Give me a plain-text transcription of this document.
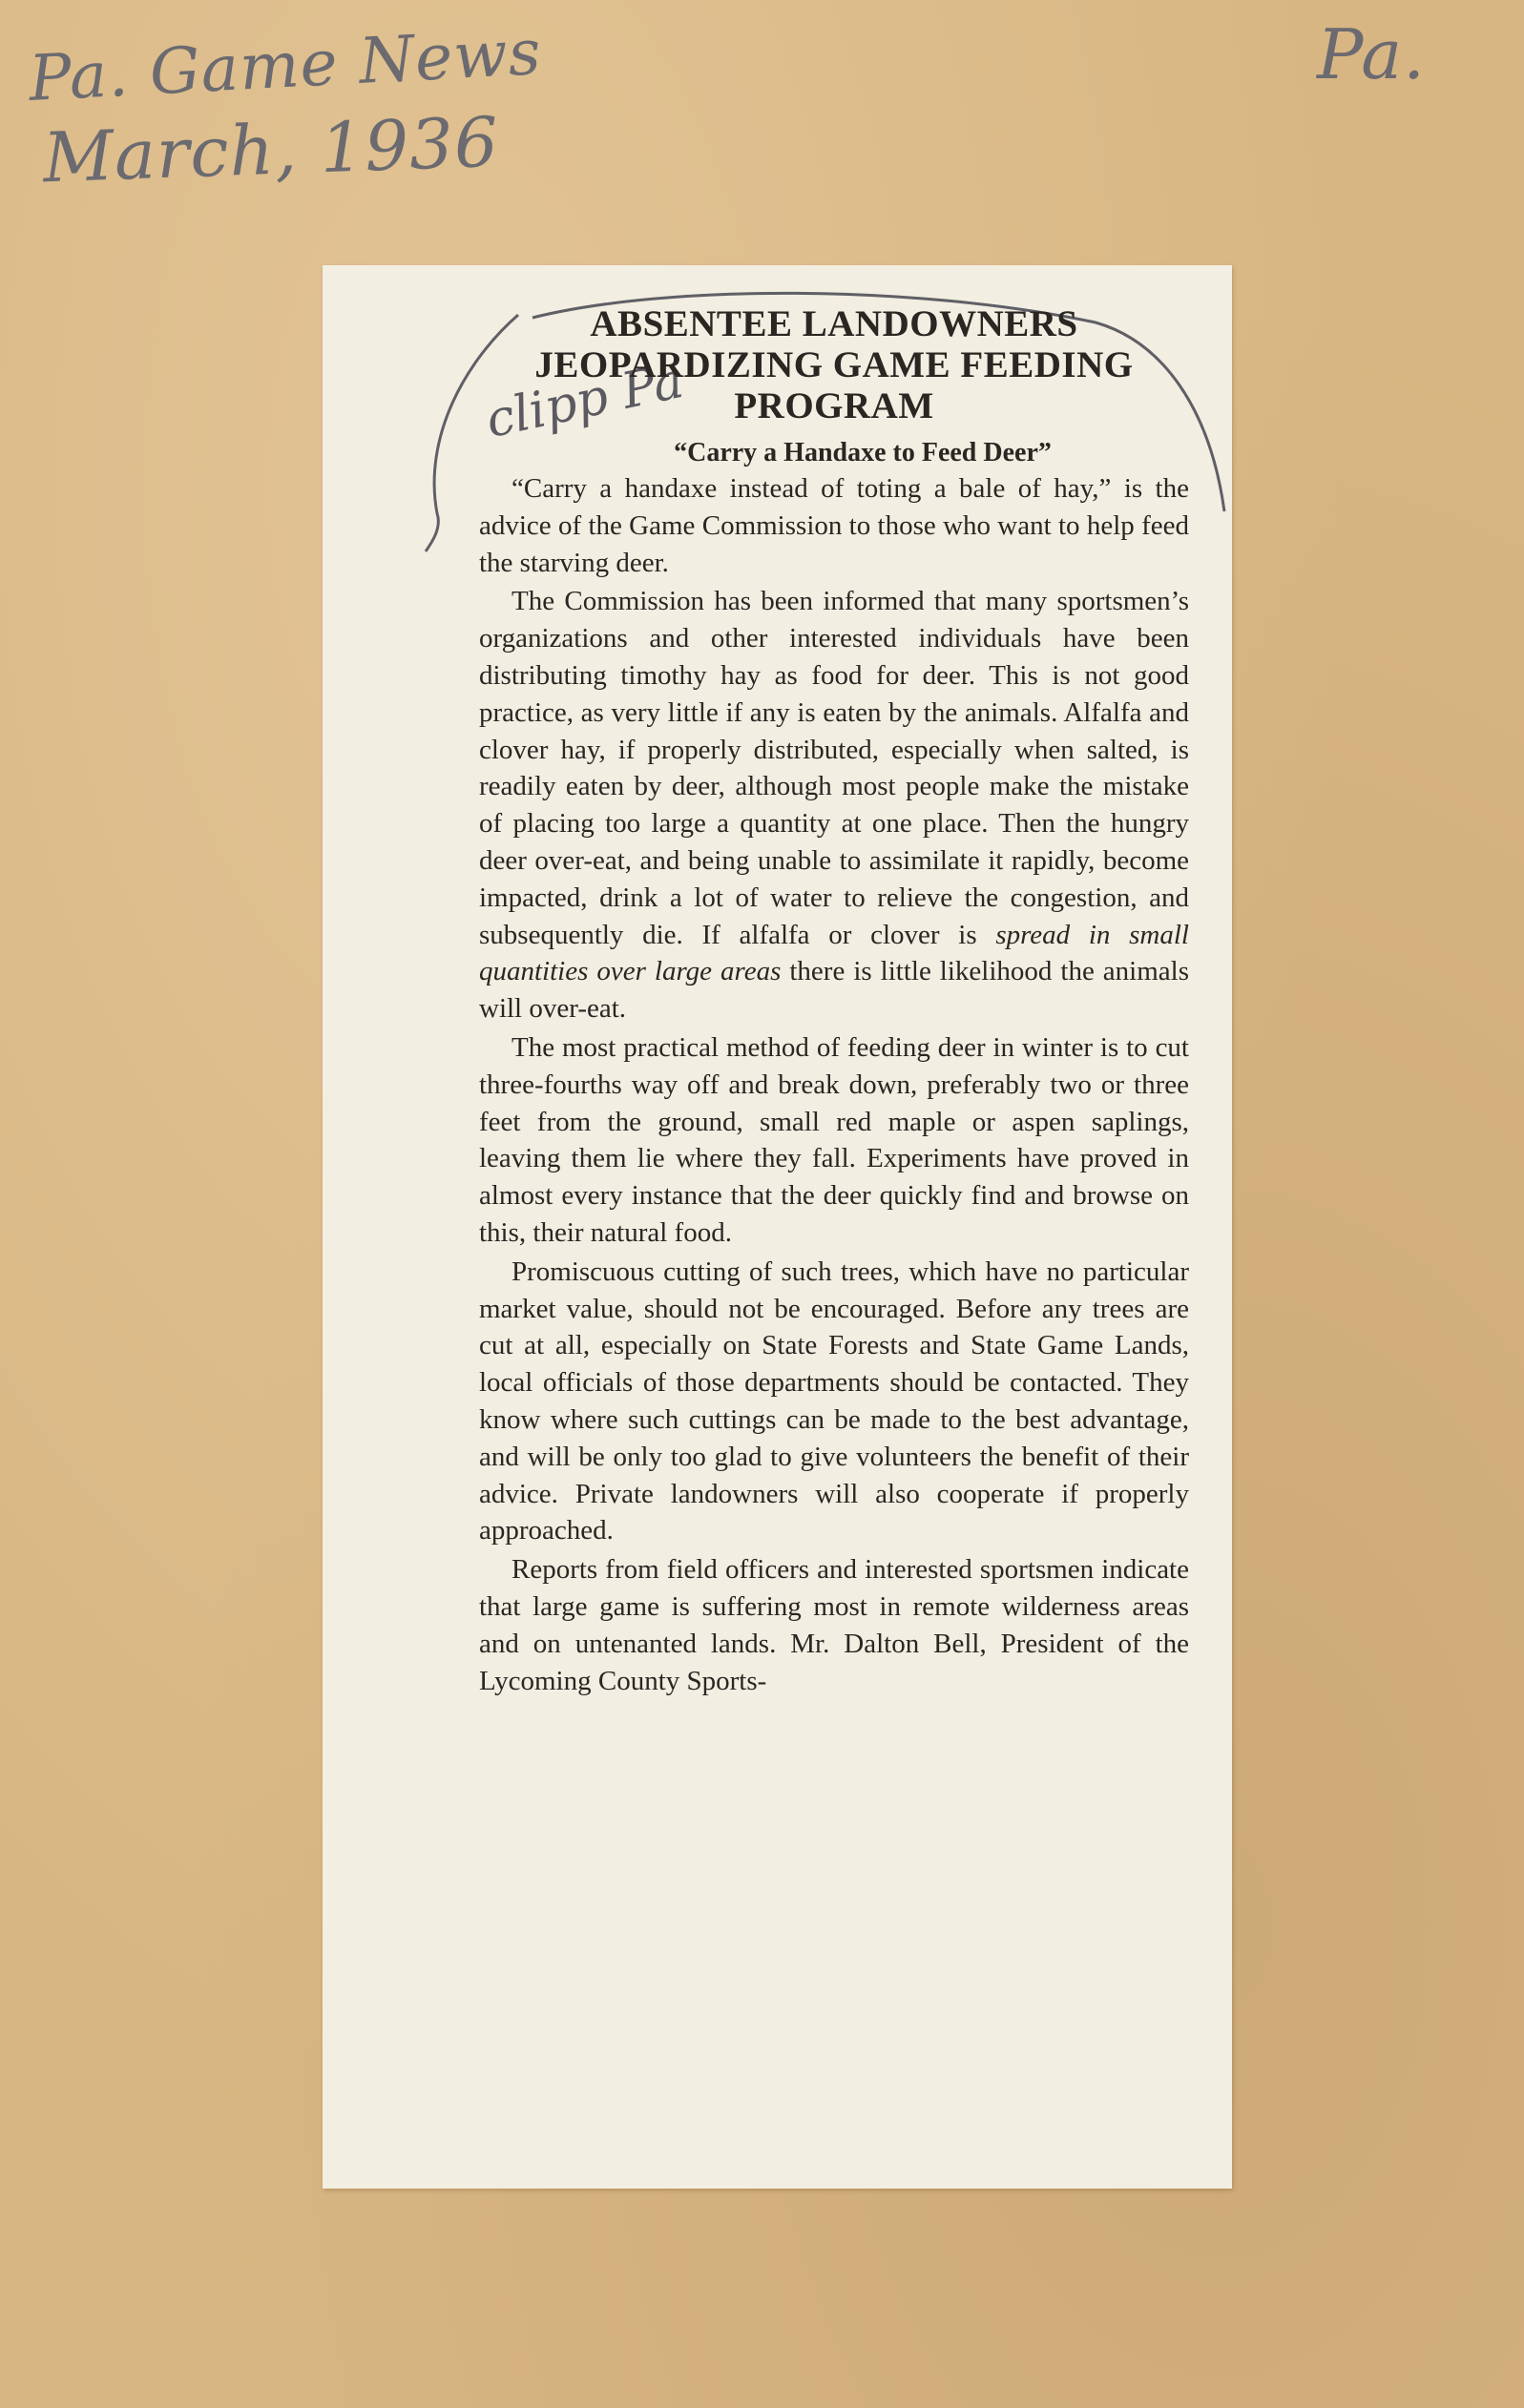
Pa. Game News
March, 1936
Pa.
clipp Pa
ABSENTEE LANDOWNERS
JEOPARDIZING GAME FEEDING
PROGRAM
“Carry a Handaxe to Feed Deer”

“Carry a handaxe instead of toting a bale of hay,” is the advice of the Game Commission to those who want to help feed the starving deer.

The Commission has been informed that many sportsmen’s organizations and other interested individuals have been distributing timothy hay as food for deer. This is not good practice, as very little if any is eaten by the animals. Alfalfa and clover hay, if properly distributed, especially when salted, is readily eaten by deer, although most people make the mistake of placing too large a quantity at one place. Then the hungry deer over-eat, and being unable to assimilate it rapidly, become impacted, drink a lot of water to relieve the congestion, and subsequently die. If alfalfa or clover is spread in small quantities over large areas there is little likelihood the animals will over-eat.

The most practical method of feeding deer in winter is to cut three-fourths way off and break down, preferably two or three feet from the ground, small red maple or aspen saplings, leaving them lie where they fall. Experiments have proved in almost every instance that the deer quickly find and browse on this, their natural food.

Promiscuous cutting of such trees, which have no particular market value, should not be encouraged. Before any trees are cut at all, especially on State Forests and State Game Lands, local officials of those departments should be contacted. They know where such cuttings can be made to the best advantage, and will be only too glad to give volunteers the benefit of their advice. Private landowners will also cooperate if properly approached.

Reports from field officers and interested sportsmen indicate that large game is suffering most in remote wilderness areas and on untenanted lands. Mr. Dalton Bell, President of the Lycoming County Sports-
